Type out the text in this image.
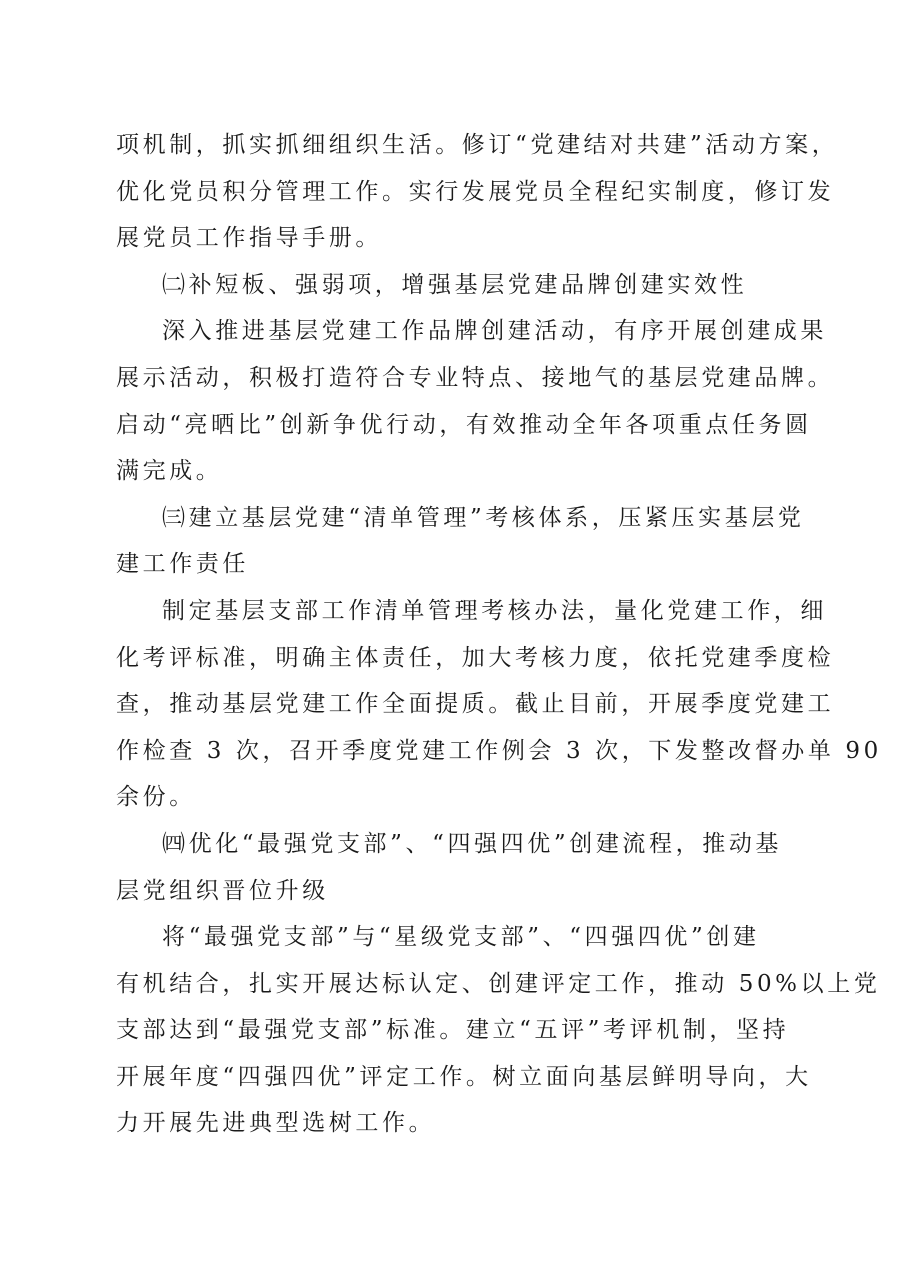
项机制，抓实抓细组织生活。修订“党建结对共建”活动方案，
优化党员积分管理工作。实行发展党员全程纪实制度，修订发
展党员工作指导手册。

㈡补短板、强弱项，增强基层党建品牌创建实效性

深入推进基层党建工作品牌创建活动，有序开展创建成果
展示活动，积极打造符合专业特点、接地气的基层党建品牌。
启动“亮晒比”创新争优行动，有效推动全年各项重点任务圆
满完成。

㈢建立基层党建“清单管理”考核体系，压紧压实基层党
建工作责任

制定基层支部工作清单管理考核办法，量化党建工作，细
化考评标准，明确主体责任，加大考核力度，依托党建季度检
查，推动基层党建工作全面提质。截止目前，开展季度党建工
作检查 3 次，召开季度党建工作例会 3 次，下发整改督办单 90
余份。

㈣优化“最强党支部”、“四强四优”创建流程，推动基
层党组织晋位升级

将“最强党支部”与“星级党支部”、“四强四优”创建
有机结合，扎实开展达标认定、创建评定工作，推动 50%以上党
支部达到“最强党支部”标准。建立“五评”考评机制，坚持
开展年度“四强四优”评定工作。树立面向基层鲜明导向，大
力开展先进典型选树工作。
